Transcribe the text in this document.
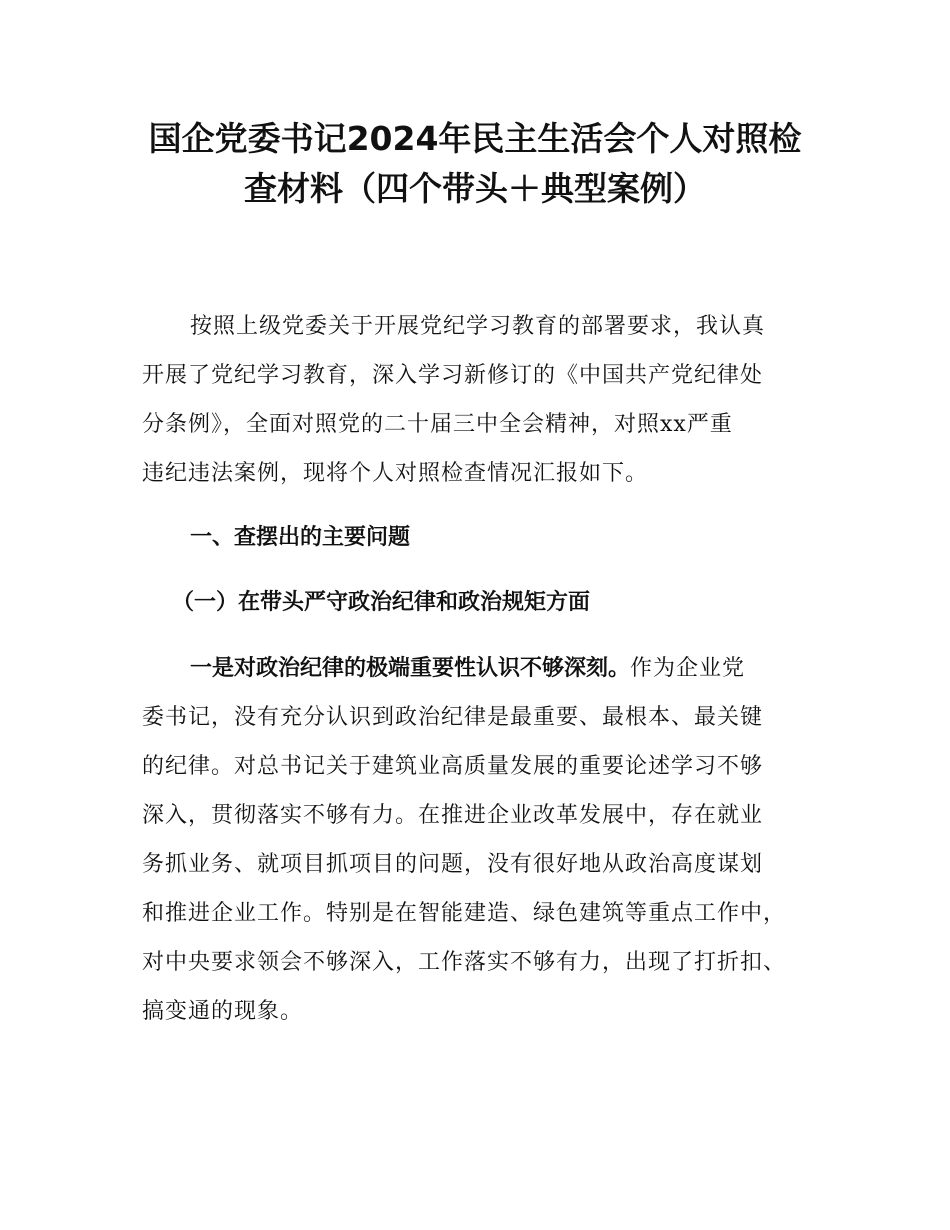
国企党委书记2024年民主生活会个人对照检
查材料（四个带头＋典型案例）
按照上级党委关于开展党纪学习教育的部署要求，我认真
开展了党纪学习教育，深入学习新修订的《中国共产党纪律处
分条例》，全面对照党的二十届三中全会精神，对照xx严重
违纪违法案例，现将个人对照检查情况汇报如下。
一、查摆出的主要问题
（一）在带头严守政治纪律和政治规矩方面
一是对政治纪律的极端重要性认识不够深刻。作为企业党
委书记，没有充分认识到政治纪律是最重要、最根本、最关键
的纪律。对总书记关于建筑业高质量发展的重要论述学习不够
深入，贯彻落实不够有力。在推进企业改革发展中，存在就业
务抓业务、就项目抓项目的问题，没有很好地从政治高度谋划
和推进企业工作。特别是在智能建造、绿色建筑等重点工作中，
对中央要求领会不够深入，工作落实不够有力，出现了打折扣、
搞变通的现象。
